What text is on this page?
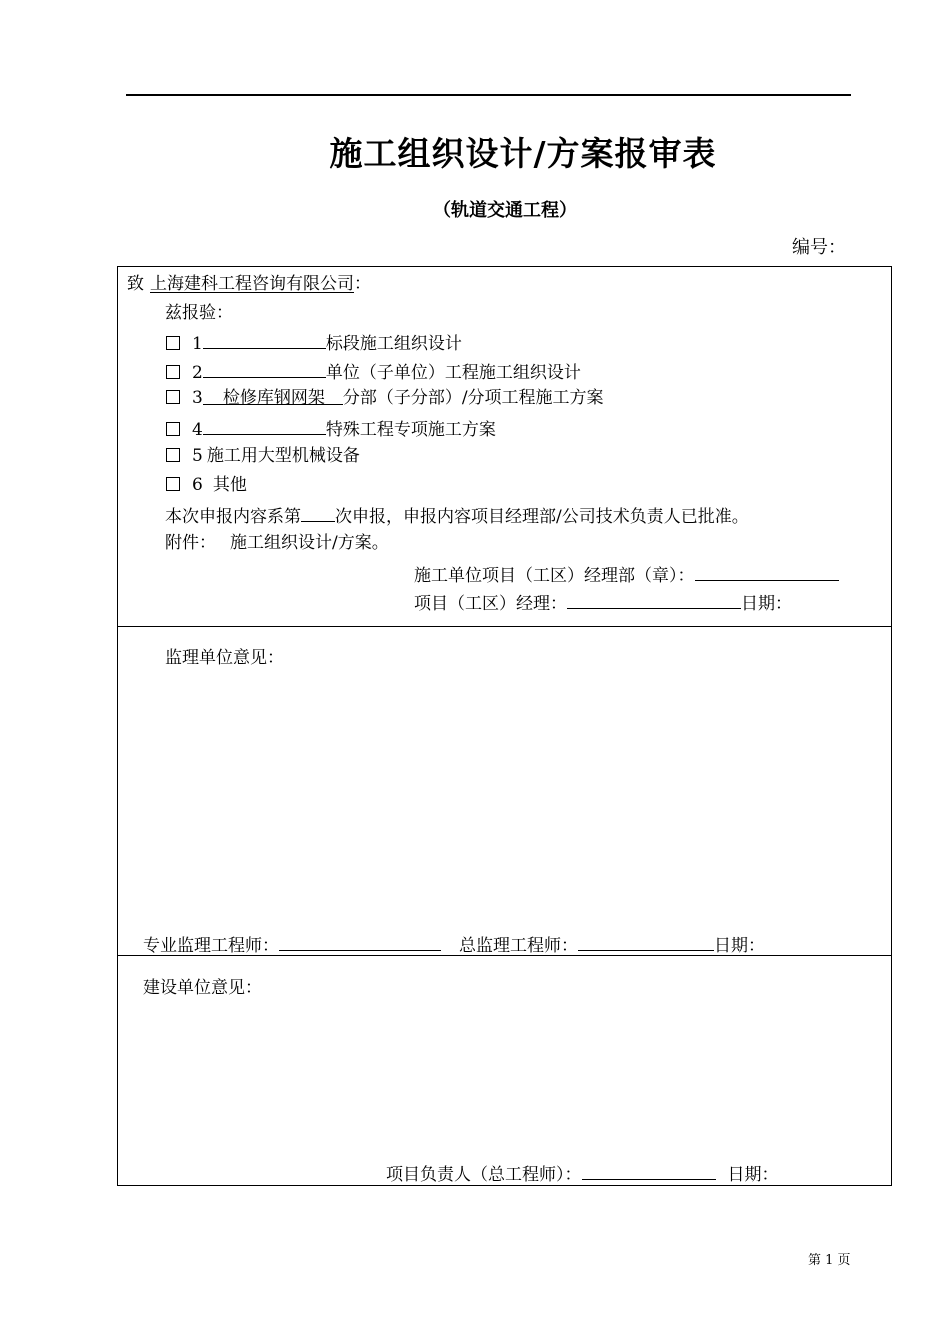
施工组织设计/方案报审表
（轨道交通工程）
编号：
致 上海建科工程咨询有限公司：
兹报验：
1	标段施工组织设计
2	单位（子单位）工程施工组织设计
3 检修库钢网架 分部（子分部）/分项工程施工方案
4	特殊工程专项施工方案
5 施工用大型机械设备
6 其他
本次申报内容系第 次申报，申报内容项目经理部/公司技术负责人已批准。
附件： 施工组织设计/方案。
施工单位项目（工区）经理部（章）：
项目（工区）经理：	日期：
监理单位意见：
专业监理工程师：	总监理工程师：	日期：
建设单位意见：
项目负责人（总工程师）：	日期：
第 1 页
